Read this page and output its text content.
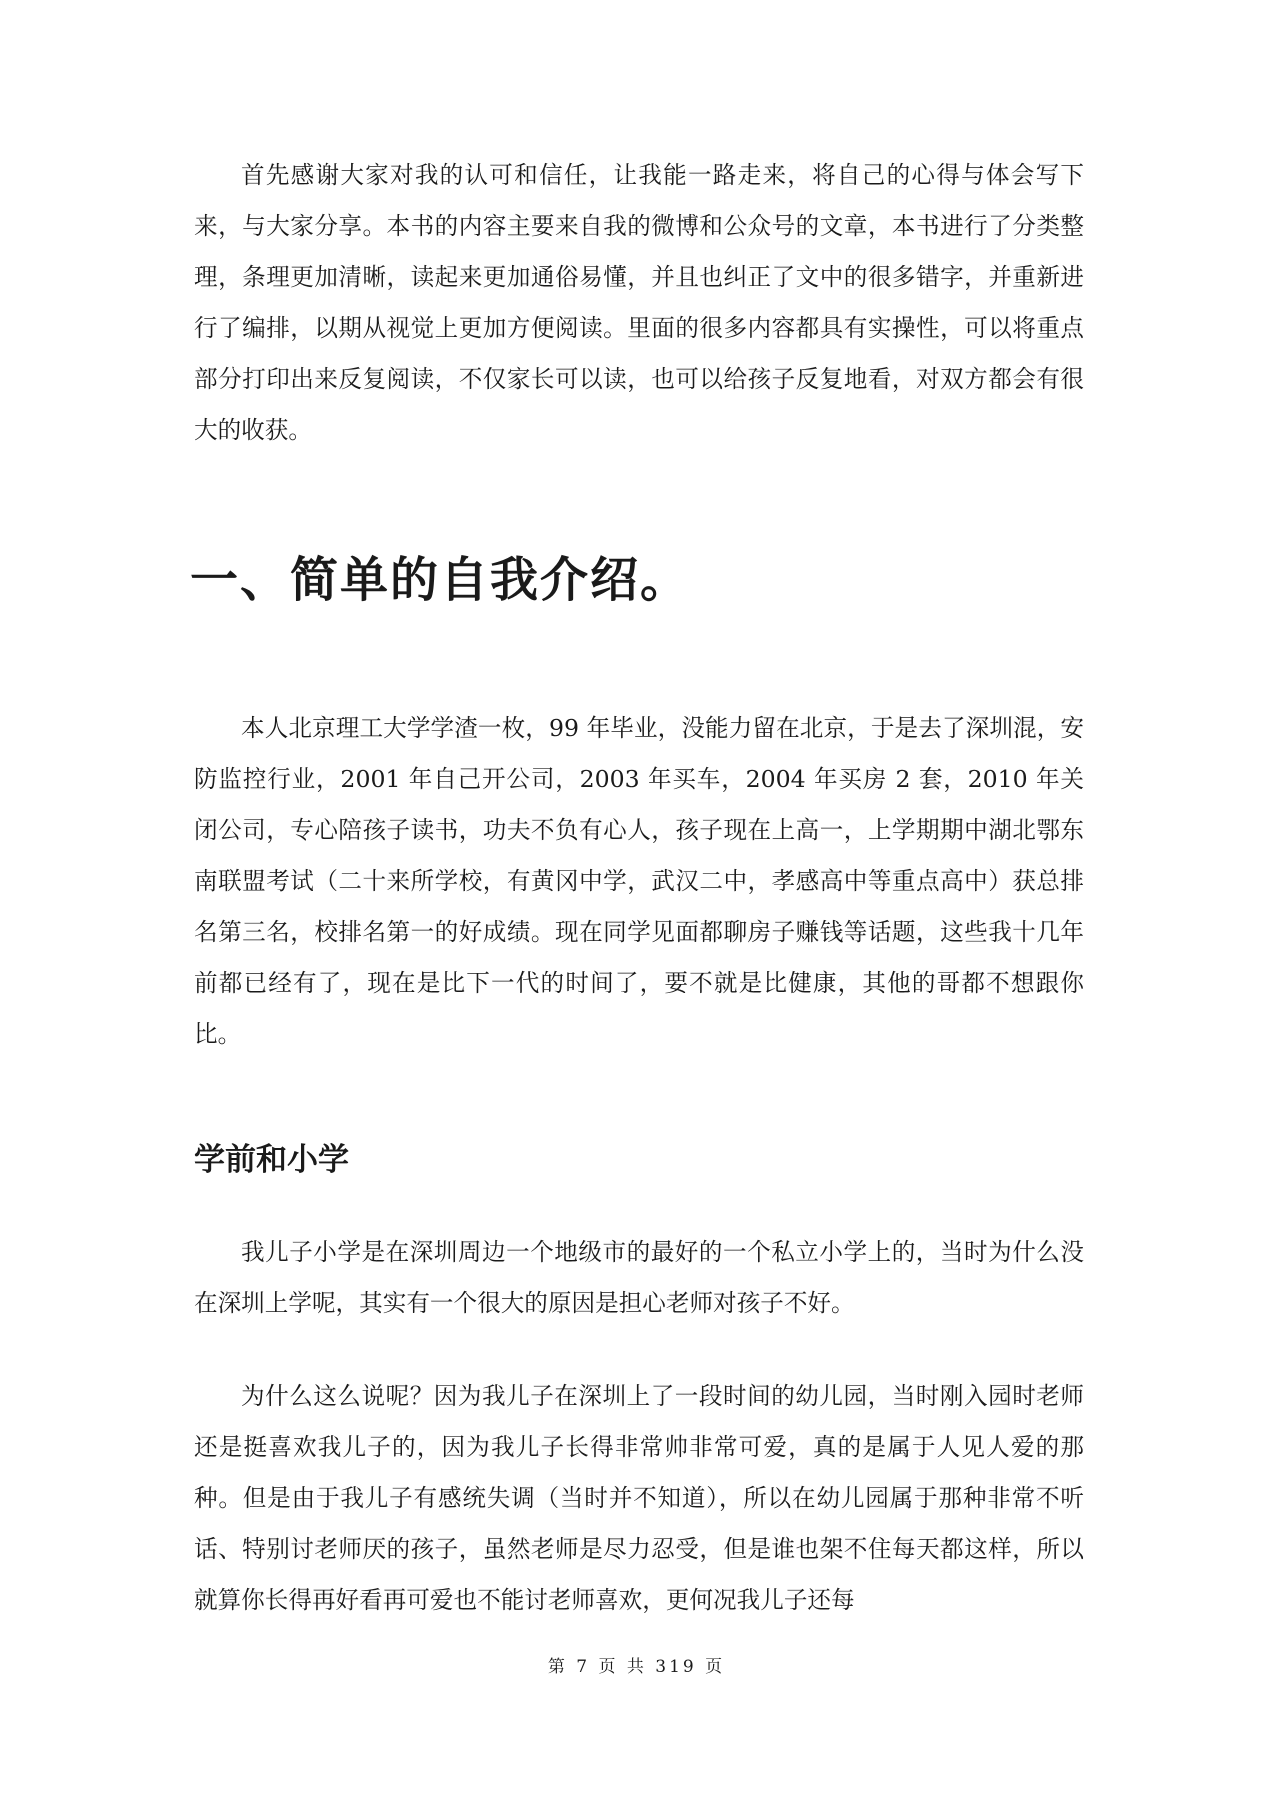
首先感谢大家对我的认可和信任，让我能一路走来，将自己的心得与体会写下来，与大家分享。本书的内容主要来自我的微博和公众号的文章，本书进行了分类整理，条理更加清晰，读起来更加通俗易懂，并且也纠正了文中的很多错字，并重新进行了编排，以期从视觉上更加方便阅读。里面的很多内容都具有实操性，可以将重点部分打印出来反复阅读，不仅家长可以读，也可以给孩子反复地看，对双方都会有很大的收获。

一、简单的自我介绍。

本人北京理工大学学渣一枚，99 年毕业，没能力留在北京，于是去了深圳混，安防监控行业，2001 年自己开公司，2003 年买车，2004 年买房 2 套，2010 年关闭公司，专心陪孩子读书，功夫不负有心人，孩子现在上高一，上学期期中湖北鄂东南联盟考试（二十来所学校，有黄冈中学，武汉二中，孝感高中等重点高中）获总排名第三名，校排名第一的好成绩。现在同学见面都聊房子赚钱等话题，这些我十几年前都已经有了，现在是比下一代的时间了，要不就是比健康，其他的哥都不想跟你比。

学前和小学

我儿子小学是在深圳周边一个地级市的最好的一个私立小学上的，当时为什么没在深圳上学呢，其实有一个很大的原因是担心老师对孩子不好。

为什么这么说呢？因为我儿子在深圳上了一段时间的幼儿园，当时刚入园时老师还是挺喜欢我儿子的，因为我儿子长得非常帅非常可爱，真的是属于人见人爱的那种。但是由于我儿子有感统失调（当时并不知道），所以在幼儿园属于那种非常不听话、特别讨老师厌的孩子，虽然老师是尽力忍受，但是谁也架不住每天都这样，所以就算你长得再好看再可爱也不能讨老师喜欢，更何况我儿子还每

第 7 页 共 319 页
